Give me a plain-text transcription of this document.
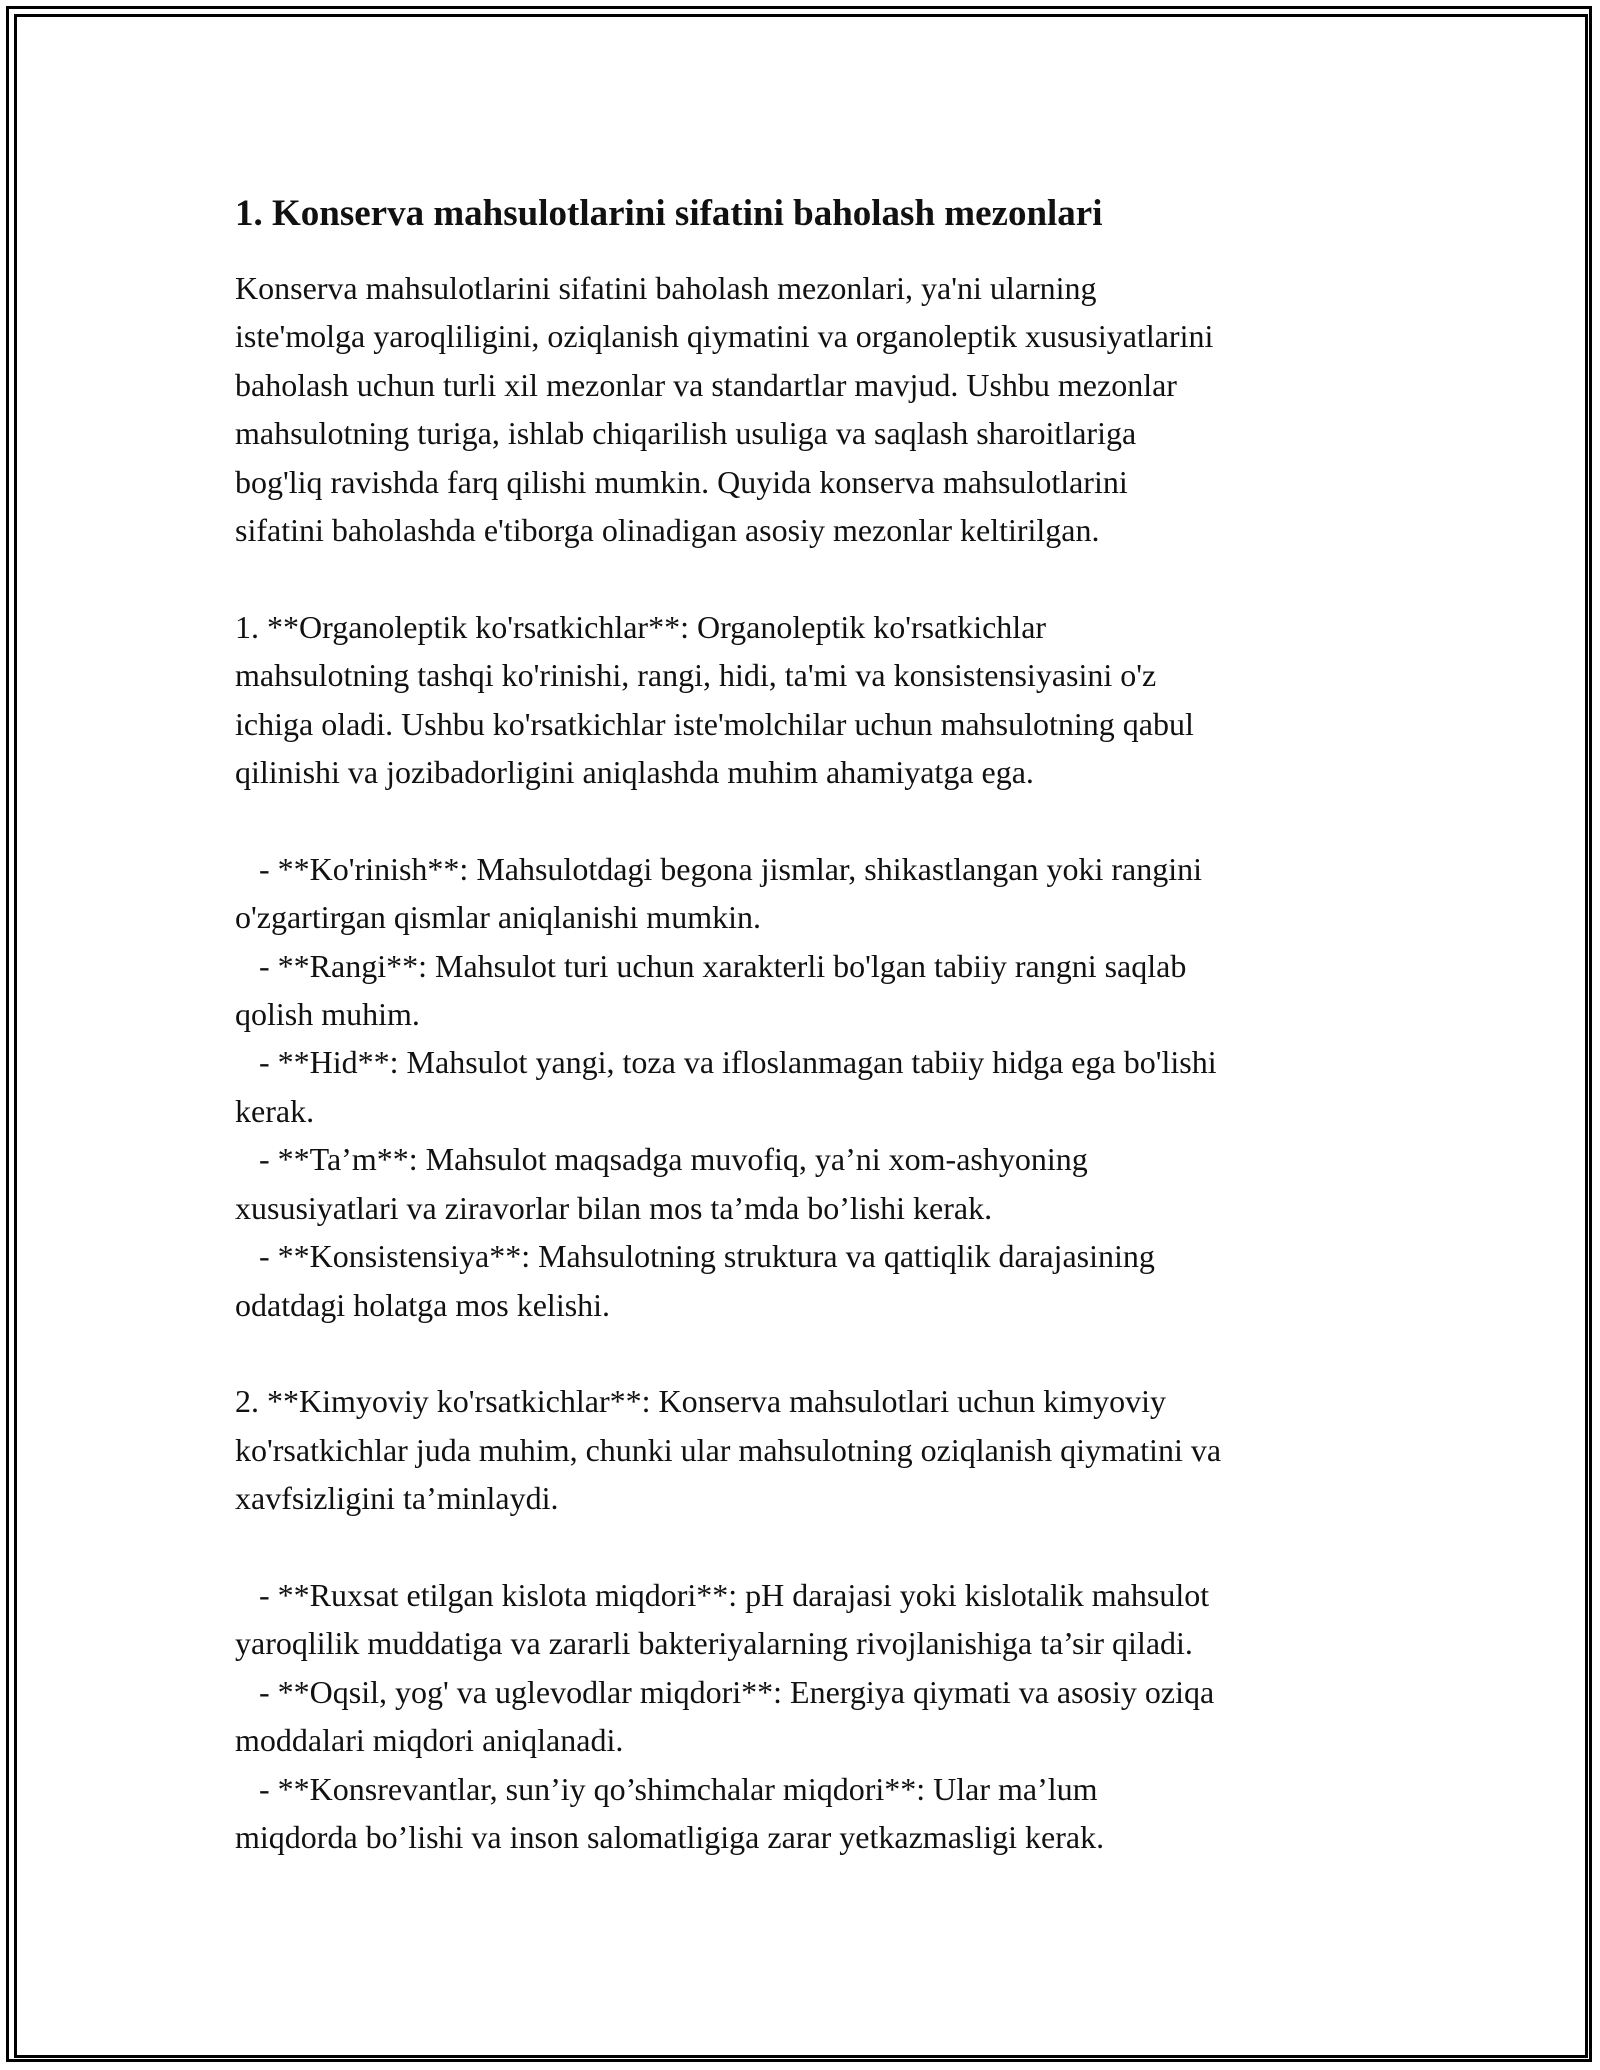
1. Konserva mahsulotlarini sifatini baholash mezonlari

Konserva mahsulotlarini sifatini baholash mezonlari, ya'ni ularning
iste'molga yaroqliligini, oziqlanish qiymatini va organoleptik xususiyatlarini
baholash uchun turli xil mezonlar va standartlar mavjud. Ushbu mezonlar
mahsulotning turiga, ishlab chiqarilish usuliga va saqlash sharoitlariga
bog'liq ravishda farq qilishi mumkin. Quyida konserva mahsulotlarini
sifatini baholashda e'tiborga olinadigan asosiy mezonlar keltirilgan.

1. **Organoleptik ko'rsatkichlar**: Organoleptik ko'rsatkichlar
mahsulotning tashqi ko'rinishi, rangi, hidi, ta'mi va konsistensiyasini o'z
ichiga oladi. Ushbu ko'rsatkichlar iste'molchilar uchun mahsulotning qabul
qilinishi va jozibadorligini aniqlashda muhim ahamiyatga ega.

- **Ko'rinish**: Mahsulotdagi begona jismlar, shikastlangan yoki rangini
o'zgartirgan qismlar aniqlanishi mumkin.

- **Rangi**: Mahsulot turi uchun xarakterli bo'lgan tabiiy rangni saqlab
qolish muhim.

- **Hid**: Mahsulot yangi, toza va ifloslanmagan tabiiy hidga ega bo'lishi
kerak.

- **Ta’m**: Mahsulot maqsadga muvofiq, ya’ni xom-ashyoning
xususiyatlari va ziravorlar bilan mos ta’mda bo’lishi kerak.

- **Konsistensiya**: Mahsulotning struktura va qattiqlik darajasining
odatdagi holatga mos kelishi.

2. **Kimyoviy ko'rsatkichlar**: Konserva mahsulotlari uchun kimyoviy
ko'rsatkichlar juda muhim, chunki ular mahsulotning oziqlanish qiymatini va
xavfsizligini ta’minlaydi.

- **Ruxsat etilgan kislota miqdori**: pH darajasi yoki kislotalik mahsulot
yaroqlilik muddatiga va zararli bakteriyalarning rivojlanishiga ta’sir qiladi.

- **Oqsil, yog' va uglevodlar miqdori**: Energiya qiymati va asosiy oziqa
moddalari miqdori aniqlanadi.

- **Konsrevantlar, sun’iy qo’shimchalar miqdori**: Ular ma’lum
miqdorda bo’lishi va inson salomatligiga zarar yetkazmasligi kerak.
